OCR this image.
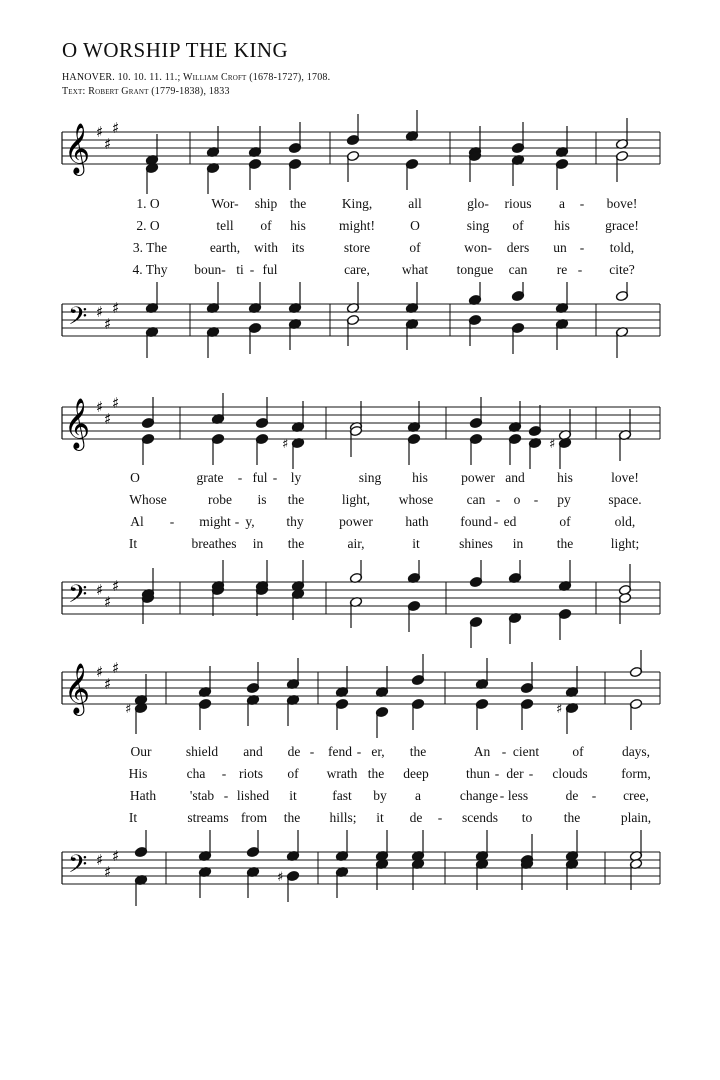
O WORSHIP THE KING
HANOVER. 10. 10. 11. 11.; William Croft (1678-1727), 1708.
Text: Robert Grant (1779-1838), 1833
𝄞 ♯
♯
♯
1. O	Wor- ship the	King,	all	glo- rious a - bove!
2. O	tell of his might!	O	sing of his	grace!
3. The	earth, with its	store	of	won- ders un - told,
4. Thy boun- ti - ful	care, what tongue can re - cite?
𝄢 ♯
♯
♯
𝄞 ♯
♯
♯
♯	♯
O	grate - ful - ly	sing his power and his	love!
Whose	robe is the	light, whose can - o - py	space.
Al - might - y, thy	power hath found - ed	of	old,
It	breathes in the	air,	it	shines in the	light;
𝄢 ♯
♯
♯
𝄞 ♯
♯
♯
♯	♯
Our	shield and de - fend - er, the	An - cient of	days,
His	cha - riots of wrath the deep	thun - der - clouds form,
Hath	'stab - lished it	fast by a	change - less	de - cree,
It	streams from the hills; it de - scends to the	plain,
𝄢 ♯
♯
♯
♯
